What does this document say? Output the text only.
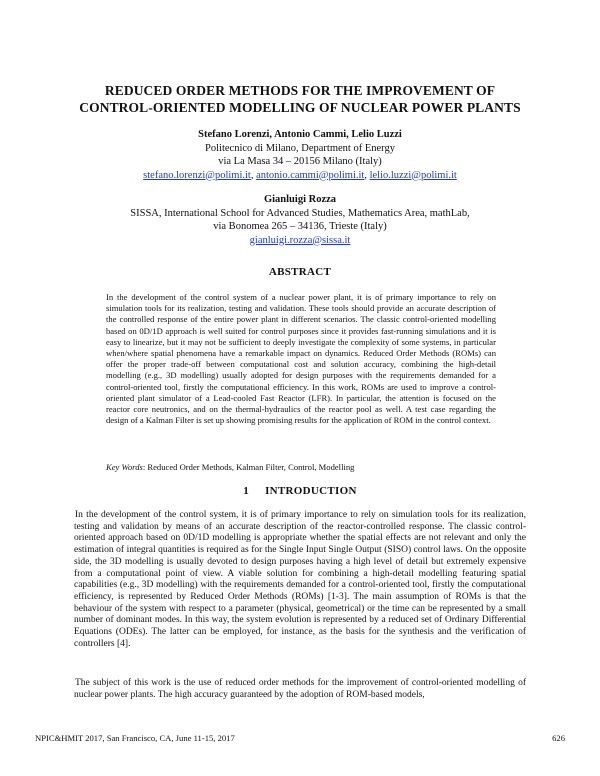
REDUCED ORDER METHODS FOR THE IMPROVEMENT OF
CONTROL-ORIENTED MODELLING OF NUCLEAR POWER PLANTS
Stefano Lorenzi, Antonio Cammi, Lelio Luzzi
Politecnico di Milano, Department of Energy
via La Masa 34 – 20156 Milano (Italy)
stefano.lorenzi@polimi.it, antonio.cammi@polimi.it, lelio.luzzi@polimi.it
Gianluigi Rozza
SISSA, International School for Advanced Studies, Mathematics Area, mathLab,
via Bonomea 265 – 34136, Trieste (Italy)
gianluigi.rozza@sissa.it
ABSTRACT
In the development of the control system of a nuclear power plant, it is of primary importance to rely on simulation tools for its realization, testing and validation. These tools should provide an accurate description of the controlled response of the entire power plant in different scenarios. The classic control-oriented modelling based on 0D/1D approach is well suited for control purposes since it provides fast-running simulations and it is easy to linearize, but it may not be sufficient to deeply investigate the complexity of some systems, in particular when/where spatial phenomena have a remarkable impact on dynamics. Reduced Order Methods (ROMs) can offer the proper trade-off between computational cost and solution accuracy, combining the high-detail modelling (e.g., 3D modelling) usually adopted for design purposes with the requirements demanded for a control-oriented tool, firstly the computational efficiency. In this work, ROMs are used to improve a control-oriented plant simulator of a Lead-cooled Fast Reactor (LFR). In particular, the attention is focused on the reactor core neutronics, and on the thermal-hydraulics of the reactor pool as well. A test case regarding the design of a Kalman Filter is set up showing promising results for the application of ROM in the control context.
Key Words: Reduced Order Methods, Kalman Filter, Control, Modelling
1 INTRODUCTION
In the development of the control system, it is of primary importance to rely on simulation tools for its realization, testing and validation by means of an accurate description of the reactor-controlled response. The classic control-oriented approach based on 0D/1D modelling is appropriate whether the spatial effects are not relevant and only the estimation of integral quantities is required as for the Single Input Single Output (SISO) control laws. On the opposite side, the 3D modelling is usually devoted to design purposes having a high level of detail but extremely expensive from a computational point of view. A viable solution for combining a high-detail modelling featuring spatial capabilities (e.g., 3D modelling) with the requirements demanded for a control-oriented tool, firstly the computational efficiency, is represented by Reduced Order Methods (ROMs) [1-3]. The main assumption of ROMs is that the behaviour of the system with respect to a parameter (physical, geometrical) or the time can be represented by a small number of dominant modes. In this way, the system evolution is represented by a reduced set of Ordinary Differential Equations (ODEs). The latter can be employed, for instance, as the basis for the synthesis and the verification of controllers [4].
The subject of this work is the use of reduced order methods for the improvement of control-oriented modelling of nuclear power plants. The high accuracy guaranteed by the adoption of ROM-based models,
NPIC&HMIT 2017, San Francisco, CA, June 11-15, 2017	626
